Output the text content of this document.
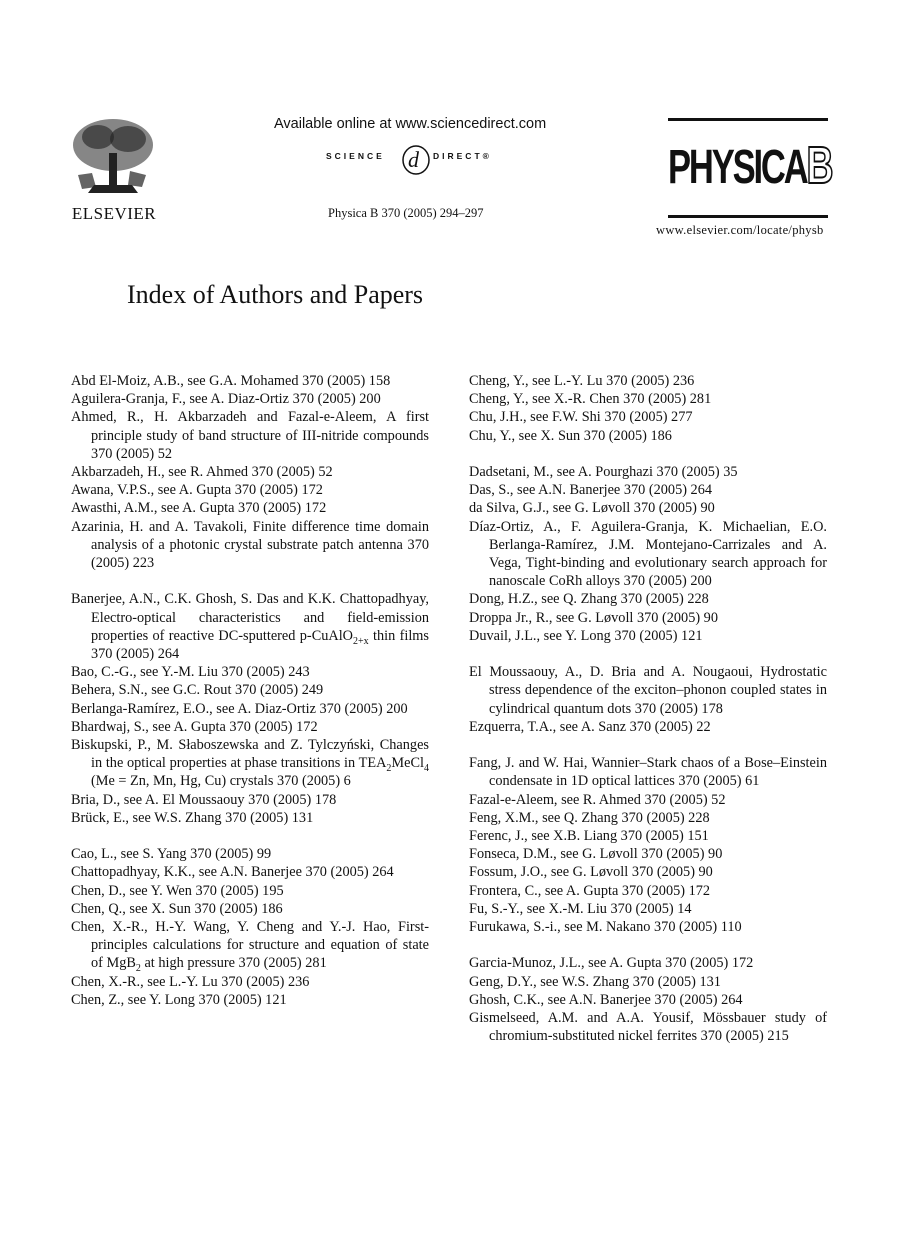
ELSEVIER
Available online at www.sciencedirect.com
SCIENCE d DIRECT®
Physica B 370 (2005) 294–297
PHYSICAB
www.elsevier.com/locate/physb
Index of Authors and Papers

Abd El-Moiz, A.B., see G.A. Mohamed 370 (2005) 158

Aguilera-Granja, F., see A. Diaz-Ortiz 370 (2005) 200

Ahmed, R., H. Akbarzadeh and Fazal-e-Aleem, A first principle study of band structure of III-nitride compounds 370 (2005) 52

Akbarzadeh, H., see R. Ahmed 370 (2005) 52

Awana, V.P.S., see A. Gupta 370 (2005) 172

Awasthi, A.M., see A. Gupta 370 (2005) 172

Azarinia, H. and A. Tavakoli, Finite difference time domain analysis of a photonic crystal substrate patch antenna 370 (2005) 223

Banerjee, A.N., C.K. Ghosh, S. Das and K.K. Chattopadhyay, Electro-optical characteristics and field-emission properties of reactive DC-sputtered p-CuAlO$_{2+x}$ thin films 370 (2005) 264

Bao, C.-G., see Y.-M. Liu 370 (2005) 243

Behera, S.N., see G.C. Rout 370 (2005) 249

Berlanga-Ramírez, E.O., see A. Diaz-Ortiz 370 (2005) 200

Bhardwaj, S., see A. Gupta 370 (2005) 172

Biskupski, P., M. Słaboszewska and Z. Tylczyński, Changes in the optical properties at phase transitions in $TEA_2MeCl_4$ (Me = Zn, Mn, Hg, Cu) crystals 370 (2005) 6

Bria, D., see A. El Moussaouy 370 (2005) 178

Brück, E., see W.S. Zhang 370 (2005) 131

Cao, L., see S. Yang 370 (2005) 99

Chattopadhyay, K.K., see A.N. Banerjee 370 (2005) 264

Chen, D., see Y. Wen 370 (2005) 195

Chen, Q., see X. Sun 370 (2005) 186

Chen, X.-R., H.-Y. Wang, Y. Cheng and Y.-J. Hao, First-principles calculations for structure and equation of state of MgB$_2$ at high pressure 370 (2005) 281

Chen, X.-R., see L.-Y. Lu 370 (2005) 236

Chen, Z., see Y. Long 370 (2005) 121

Cheng, Y., see L.-Y. Lu 370 (2005) 236

Cheng, Y., see X.-R. Chen 370 (2005) 281

Chu, J.H., see F.W. Shi 370 (2005) 277

Chu, Y., see X. Sun 370 (2005) 186

Dadsetani, M., see A. Pourghazi 370 (2005) 35

Das, S., see A.N. Banerjee 370 (2005) 264

da Silva, G.J., see G. Løvoll 370 (2005) 90

Díaz-Ortiz, A., F. Aguilera-Granja, K. Michaelian, E.O. Berlanga-Ramírez, J.M. Montejano-Carrizales and A. Vega, Tight-binding and evolutionary search approach for nanoscale CoRh alloys 370 (2005) 200

Dong, H.Z., see Q. Zhang 370 (2005) 228

Droppa Jr., R., see G. Løvoll 370 (2005) 90

Duvail, J.L., see Y. Long 370 (2005) 121

El Moussaouy, A., D. Bria and A. Nougaoui, Hydrostatic stress dependence of the exciton–phonon coupled states in cylindrical quantum dots 370 (2005) 178

Ezquerra, T.A., see A. Sanz 370 (2005) 22

Fang, J. and W. Hai, Wannier–Stark chaos of a Bose–Einstein condensate in 1D optical lattices 370 (2005) 61

Fazal-e-Aleem, see R. Ahmed 370 (2005) 52

Feng, X.M., see Q. Zhang 370 (2005) 228

Ferenc, J., see X.B. Liang 370 (2005) 151

Fonseca, D.M., see G. Løvoll 370 (2005) 90

Fossum, J.O., see G. Løvoll 370 (2005) 90

Frontera, C., see A. Gupta 370 (2005) 172

Fu, S.-Y., see X.-M. Liu 370 (2005) 14

Furukawa, S.-i., see M. Nakano 370 (2005) 110

Garcia-Munoz, J.L., see A. Gupta 370 (2005) 172

Geng, D.Y., see W.S. Zhang 370 (2005) 131

Ghosh, C.K., see A.N. Banerjee 370 (2005) 264

Gismelseed, A.M. and A.A. Yousif, Mössbauer study of chromium-substituted nickel ferrites 370 (2005) 215
